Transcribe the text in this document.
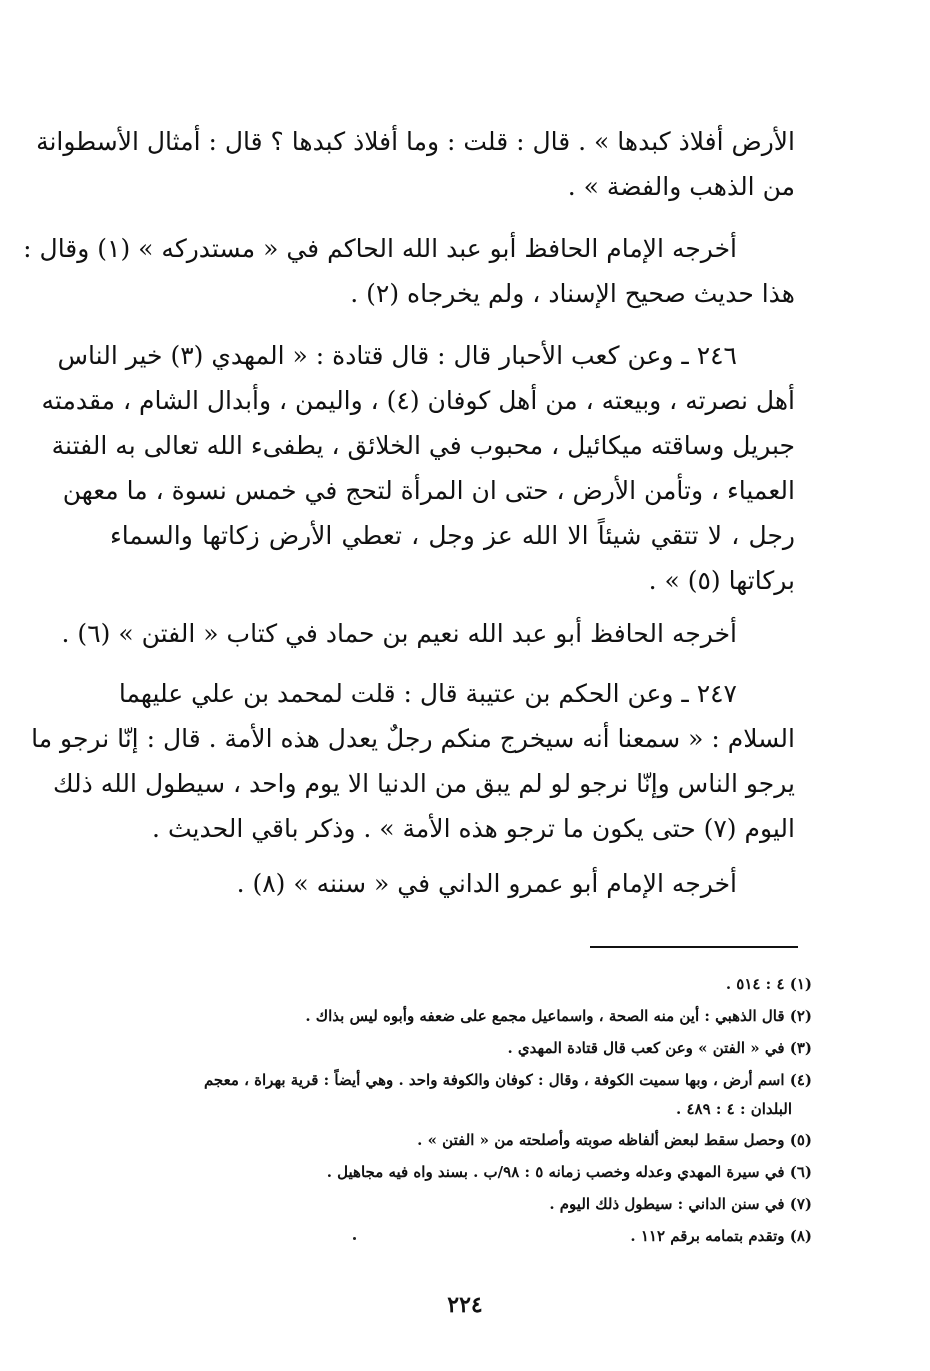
الأرض أفلاذ كبدها » . قال : قلت : وما أفلاذ كبدها ؟ قال : أمثال الأسطوانة
من الذهب والفضة » .
أخرجه الإمام الحافظ أبو عبد الله الحاكم في « مستدركه » (١) وقال :
هذا حديث صحيح الإسناد ، ولم يخرجاه (٢) .
٢٤٦ ـ وعن كعب الأحبار قال : قال قتادة : « المهدي (٣) خير الناس
أهل نصرته ، وبيعته ، من أهل كوفان (٤) ، واليمن ، وأبدال الشام ، مقدمته
جبريل وساقته ميكائيل ، محبوب في الخلائق ، يطفىء الله تعالى به الفتنة
العمياء ، وتأمن الأرض ، حتى ان المرأة لتحج في خمس نسوة ، ما معهن
رجل ، لا تتقي شيئاً الا الله عز وجل ، تعطي الأرض زكاتها والسماء
بركاتها (٥) » .
أخرجه الحافظ أبو عبد الله نعيم بن حماد في كتاب « الفتن » (٦) .
٢٤٧ ـ وعن الحكم بن عتيبة قال : قلت لمحمد بن علي عليهما
السلام : « سمعنا أنه سيخرج منكم رجلٌ يعدل هذه الأمة . قال : إنّا نرجو ما
يرجو الناس وإنّا نرجو لو لم يبق من الدنيا الا يوم واحد ، سيطول الله ذلك
اليوم (٧) حتى يكون ما ترجو هذه الأمة » . وذكر باقي الحديث .
أخرجه الإمام أبو عمرو الداني في « سننه » (٨) .
(١) ٤ : ٥١٤ .
(٢) قال الذهبي : أين منه الصحة ، واسماعيل مجمع على ضعفه وأبوه ليس بذاك .
(٣) في « الفتن » وعن كعب قال قتادة المهدي .
(٤) اسم أرض ، وبها سميت الكوفة ، وقال : كوفان والكوفة واحد . وهي أيضاً : قرية بهراة ، معجم
البلدان : ٤ : ٤٨٩ .
(٥) وحصل سقط لبعض ألفاظه صوبته وأصلحته من « الفتن » .
(٦) في سيرة المهدي وعدله وخصب زمانه ٥ : ٩٨/ب . بسند واه فيه مجاهيل .
(٧) في سنن الداني : سيطول ذلك اليوم .
(٨) وتقدم بتمامه برقم ١١٢ .
٢٢٤
